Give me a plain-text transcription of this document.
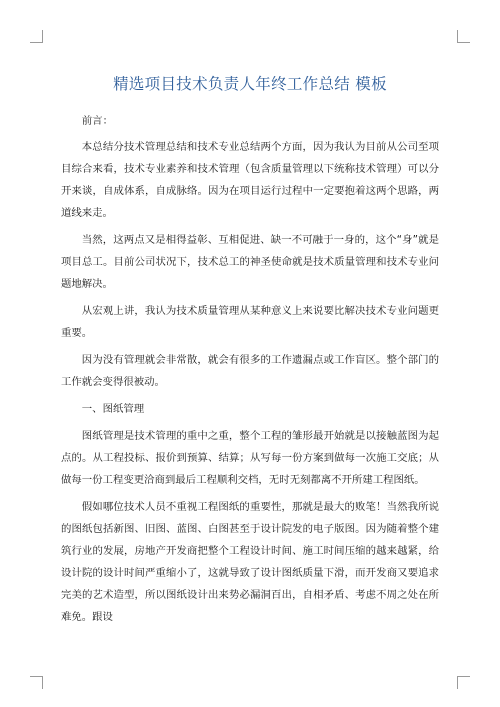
精选项目技术负责人年终工作总结 模板

前言：

本总结分技术管理总结和技术专业总结两个方面，因为我认为目前从公司至项目综合来看，技术专业素养和技术管理（包含质量管理以下统称技术管理）可以分开来谈，自成体系，自成脉络。因为在项目运行过程中一定要抱着这两个思路，两道线来走。

当然，这两点又是相得益彰、互相促进、缺一不可融于一身的，这个“身”就是项目总工。目前公司状况下，技术总工的神圣使命就是技术质量管理和技术专业问题地解决。

从宏观上讲，我认为技术质量管理从某种意义上来说要比解决技术专业问题更重要。

因为没有管理就会非常散，就会有很多的工作遗漏点或工作盲区。整个部门的工作就会变得很被动。

一、图纸管理

图纸管理是技术管理的重中之重，整个工程的雏形最开始就是以接触蓝图为起点的。从工程投标、报价到预算、结算；从写每一份方案到做每一次施工交底；从做每一份工程变更洽商到最后工程顺利交档，无时无刻都离不开所建工程图纸。

假如哪位技术人员不重视工程图纸的重要性，那就是最大的败笔！当然我所说的图纸包括新图、旧图、蓝图、白图甚至于设计院发的电子版图。因为随着整个建筑行业的发展，房地产开发商把整个工程设计时间、施工时间压缩的越来越紧，给设计院的设计时间严重缩小了，这就导致了设计图纸质量下滑，而开发商又要追求完美的艺术造型，所以图纸设计出来势必漏洞百出，自相矛盾、考虑不周之处在所难免。跟设
